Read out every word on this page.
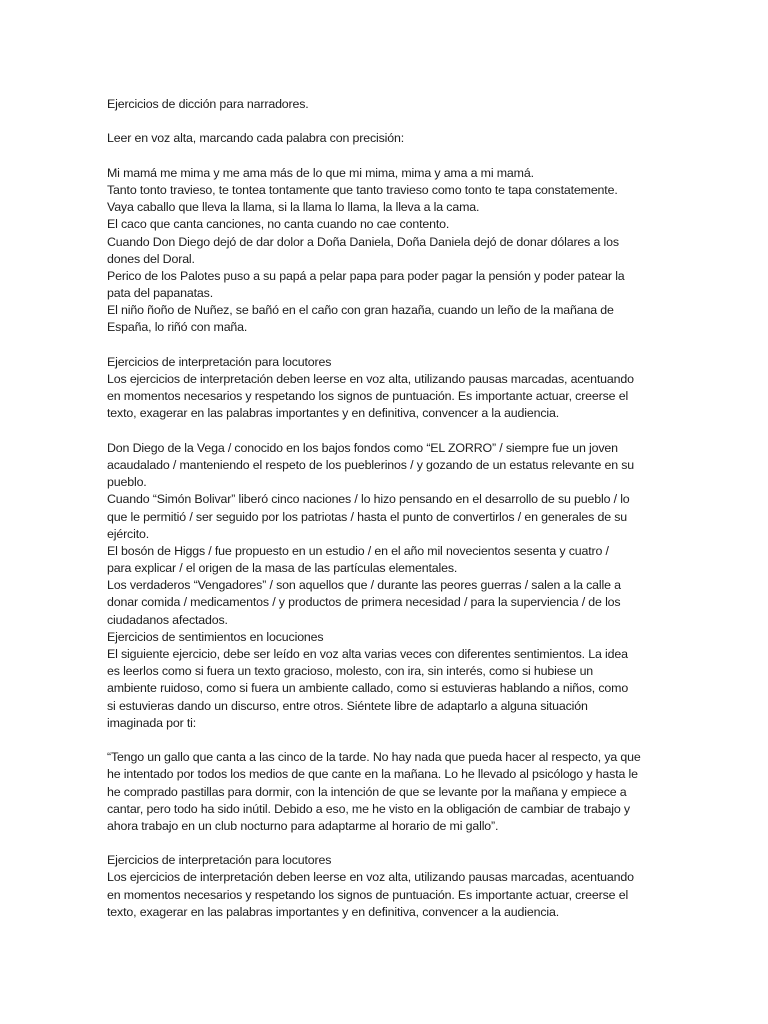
Ejercicios de dicción para narradores.
Leer en voz alta, marcando cada palabra con precisión:
Mi mamá me mima y me ama más de lo que mi mima, mima y ama a mi mamá.
Tanto tonto travieso, te tontea tontamente que tanto travieso como tonto te tapa constatemente.
Vaya caballo que lleva la llama, si la llama lo llama, la lleva a la cama.
El caco que canta canciones, no canta cuando no cae contento.
Cuando Don Diego dejó de dar dolor a Doña Daniela, Doña Daniela dejó de donar dólares a los
dones del Doral.
Perico de los Palotes puso a su papá a pelar papa para poder pagar la pensión y poder patear la
pata del papanatas.
El niño ñoño de Nuñez, se bañó en el caño con gran hazaña, cuando un leño de la mañana de
España, lo riñó con maña.
Ejercicios de interpretación para locutores
Los ejercicios de interpretación deben leerse en voz alta, utilizando pausas marcadas, acentuando
en momentos necesarios y respetando los signos de puntuación. Es importante actuar, creerse el
texto, exagerar en las palabras importantes y en definitiva, convencer a la audiencia.
Don Diego de la Vega / conocido en los bajos fondos como “EL ZORRO” / siempre fue un joven
acaudalado / manteniendo el respeto de los pueblerinos / y gozando de un estatus relevante en su
pueblo.
Cuando “Simón Bolivar” liberó cinco naciones / lo hizo pensando en el desarrollo de su pueblo / lo
que le permitió / ser seguido por los patriotas / hasta el punto de convertirlos / en generales de su
ejército.
El bosón de Higgs / fue propuesto en un estudio / en el año mil novecientos sesenta y cuatro /
para explicar / el origen de la masa de las partículas elementales.
Los verdaderos “Vengadores” / son aquellos que / durante las peores guerras / salen a la calle a
donar comida / medicamentos / y productos de primera necesidad / para la superviencia / de los
ciudadanos afectados.
Ejercicios de sentimientos en locuciones
El siguiente ejercicio, debe ser leído en voz alta varias veces con diferentes sentimientos. La idea
es leerlos como si fuera un texto gracioso, molesto, con ira, sin interés, como si hubiese un
ambiente ruidoso, como si fuera un ambiente callado, como si estuvieras hablando a niños, como
si estuvieras dando un discurso, entre otros. Siéntete libre de adaptarlo a alguna situación
imaginada por ti:
“Tengo un gallo que canta a las cinco de la tarde. No hay nada que pueda hacer al respecto, ya que
he intentado por todos los medios de que cante en la mañana. Lo he llevado al psicólogo y hasta le
he comprado pastillas para dormir, con la intención de que se levante por la mañana y empiece a
cantar, pero todo ha sido inútil. Debido a eso, me he visto en la obligación de cambiar de trabajo y
ahora trabajo en un club nocturno para adaptarme al horario de mi gallo”.
Ejercicios de interpretación para locutores
Los ejercicios de interpretación deben leerse en voz alta, utilizando pausas marcadas, acentuando
en momentos necesarios y respetando los signos de puntuación. Es importante actuar, creerse el
texto, exagerar en las palabras importantes y en definitiva, convencer a la audiencia.
